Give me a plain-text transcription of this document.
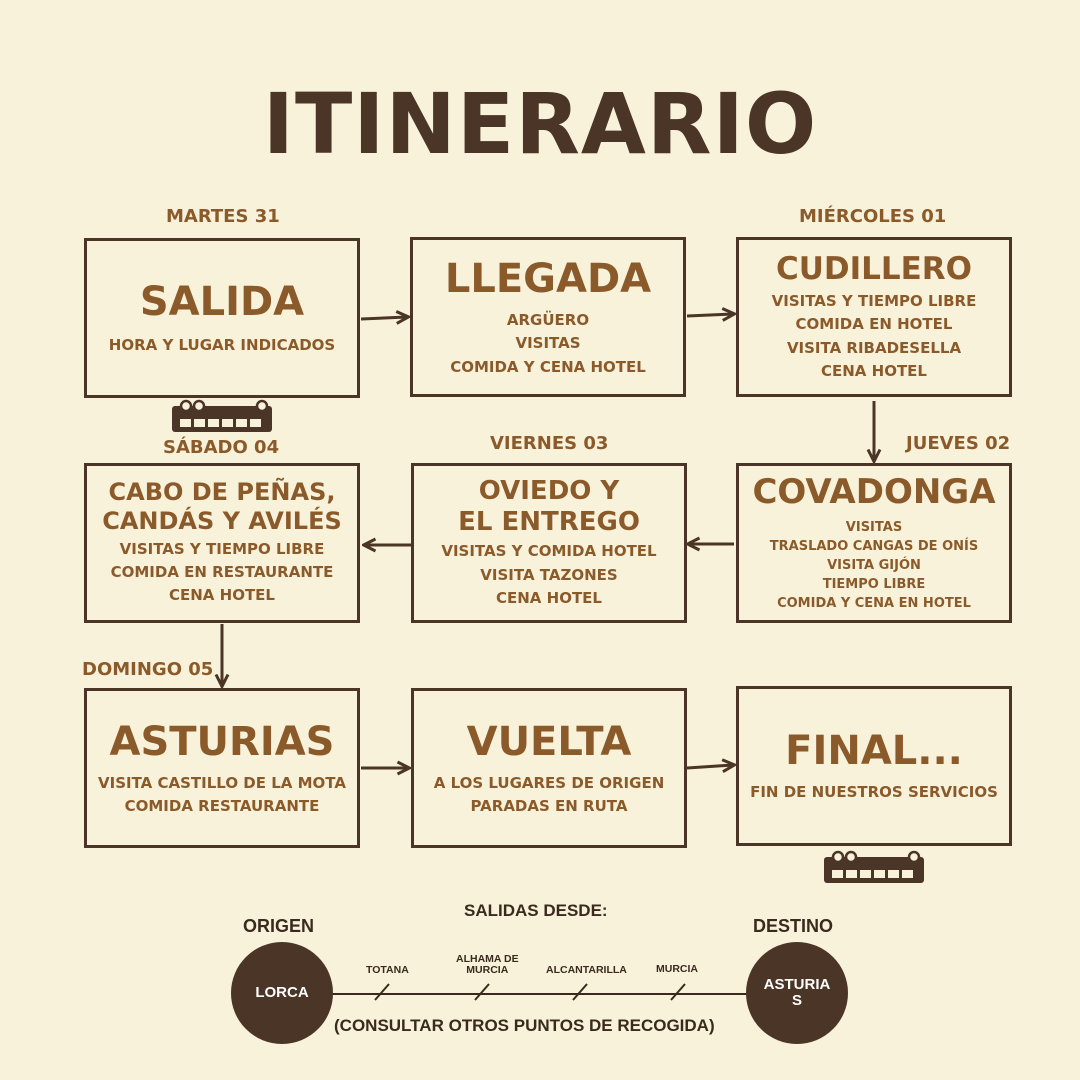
ITINERARIO
MARTES 31	MIÉRCOLES 01
JUEVES 02
VIERNES 03
SÁBADO 04
DOMINGO 05
SALIDA
HORA Y LUGAR INDICADOS
LLEGADA
ARGÜERO
VISITAS
COMIDA Y CENA HOTEL
CUDILLERO
VISITAS Y TIEMPO LIBRE
COMIDA EN HOTEL
VISITA RIBADESELLA
CENA HOTEL
CABO DE PEÑAS,
CANDÁS Y AVILÉS
VISITAS Y TIEMPO LIBRE
COMIDA EN RESTAURANTE
CENA HOTEL
OVIEDO Y
EL ENTREGO
VISITAS Y COMIDA HOTEL
VISITA TAZONES
CENA HOTEL
COVADONGA
VISITAS
TRASLADO CANGAS DE ONÍS
VISITA GIJÓN
TIEMPO LIBRE
COMIDA Y CENA EN HOTEL
ASTURIAS
VISITA CASTILLO DE LA MOTA
COMIDA RESTAURANTE
VUELTA
A LOS LUGARES DE ORIGEN
PARADAS EN RUTA
FINAL...
FIN DE NUESTROS SERVICIOS
SALIDAS DESDE:
ORIGEN	DESTINO
TOTANA
ALHAMA DE
MURCIA	ALCANTARILLA	MURCIA
LORCA	ASTURIA
S
(CONSULTAR OTROS PUNTOS DE RECOGIDA)
